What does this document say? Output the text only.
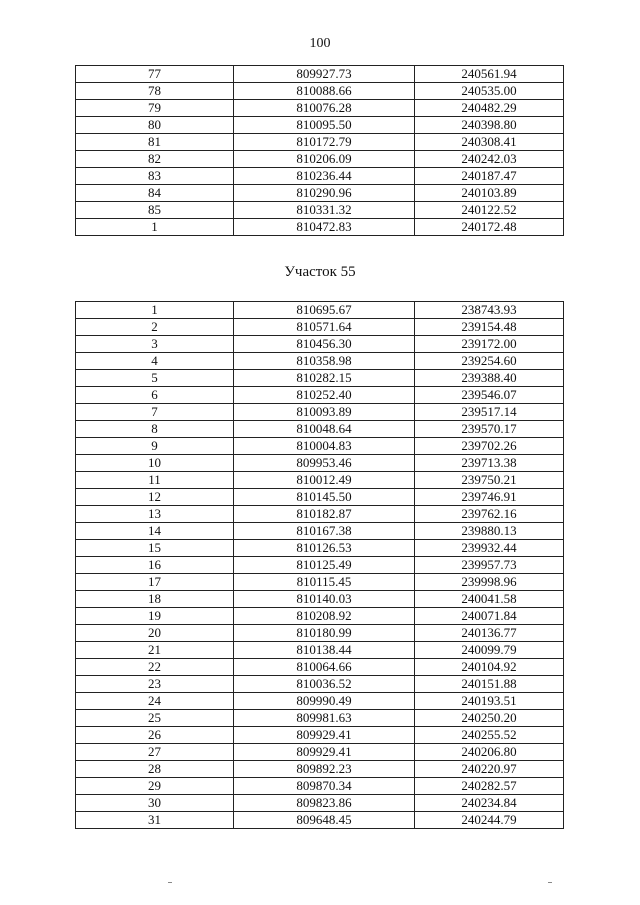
100
77	809927.73	240561.94
78	810088.66	240535.00
79	810076.28	240482.29
80	810095.50	240398.80
81	810172.79	240308.41
82	810206.09	240242.03
83	810236.44	240187.47
84	810290.96	240103.89
85	810331.32	240122.52
1	810472.83	240172.48
Участок 55
1	810695.67	238743.93
2	810571.64	239154.48
3	810456.30	239172.00
4	810358.98	239254.60
5	810282.15	239388.40
6	810252.40	239546.07
7	810093.89	239517.14
8	810048.64	239570.17
9	810004.83	239702.26
10	809953.46	239713.38
11	810012.49	239750.21
12	810145.50	239746.91
13	810182.87	239762.16
14	810167.38	239880.13
15	810126.53	239932.44
16	810125.49	239957.73
17	810115.45	239998.96
18	810140.03	240041.58
19	810208.92	240071.84
20	810180.99	240136.77
21	810138.44	240099.79
22	810064.66	240104.92
23	810036.52	240151.88
24	809990.49	240193.51
25	809981.63	240250.20
26	809929.41	240255.52
27	809929.41	240206.80
28	809892.23	240220.97
29	809870.34	240282.57
30	809823.86	240234.84
31	809648.45	240244.79
